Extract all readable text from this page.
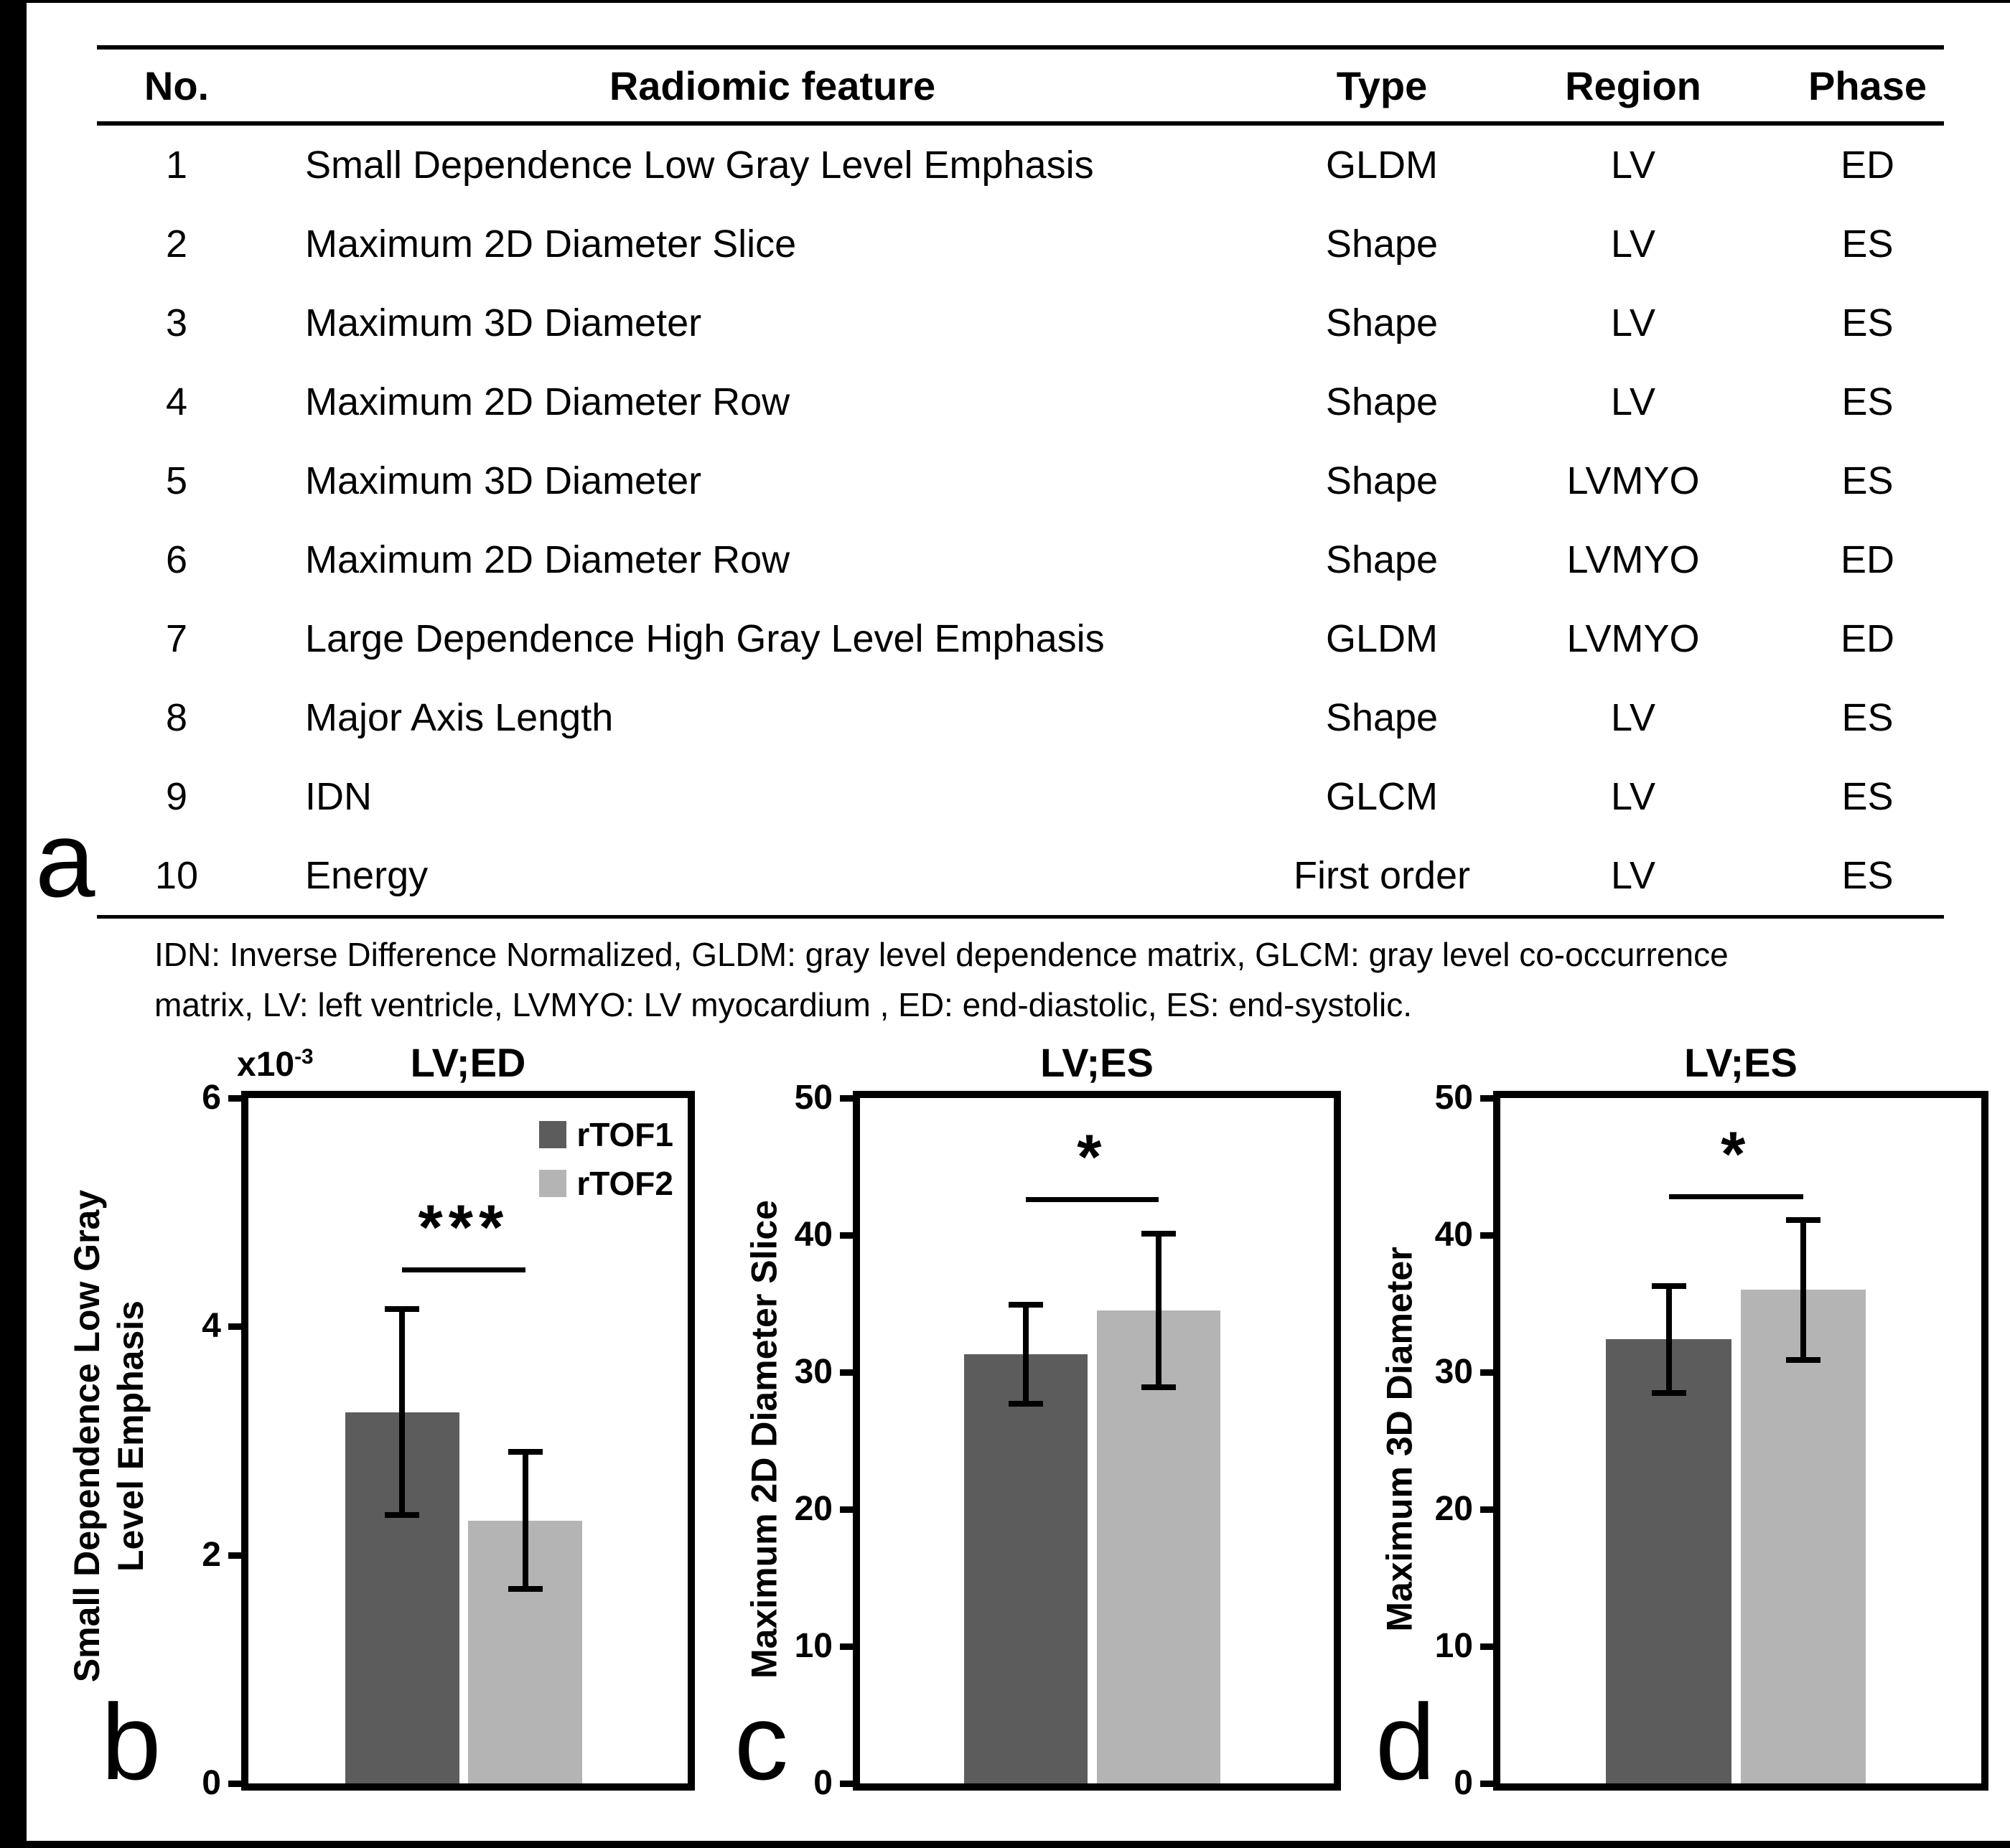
a
No.	Radiomic feature	Type	Region	Phase
1	Small Dependence Low Gray Level Emphasis	GLDM	LV	ED
2	Maximum 2D Diameter Slice	Shape	LV	ES
3	Maximum 3D Diameter	Shape	LV	ES
4	Maximum 2D Diameter Row	Shape	LV	ES
5	Maximum 3D Diameter	Shape	LVMYO	ES
6	Maximum 2D Diameter Row	Shape	LVMYO	ED
7	Large Dependence High Gray Level Emphasis	GLDM	LVMYO	ED
8	Major Axis Length	Shape	LV	ES
9	IDN	GLCM	LV	ES
10	Energy	First order	LV	ES
IDN: Inverse Difference Normalized, GLDM: gray level dependence matrix, GLCM: gray level co-occurrence
matrix, LV: left ventricle, LVMYO: LV myocardium , ED: end-diastolic, ES: end-systolic.
b	c	d
LV;ED
$x10^{-3}$
Small Dependence Low Gray Level Emphasis
0
2
4
6
***
rTOF1
rTOF2
LV;ES
Maximum 2D Diameter Slice
0
10
20
30
40
50
*
LV;ES
Maximum 3D Diameter
0
10
20
30
40
50
*
